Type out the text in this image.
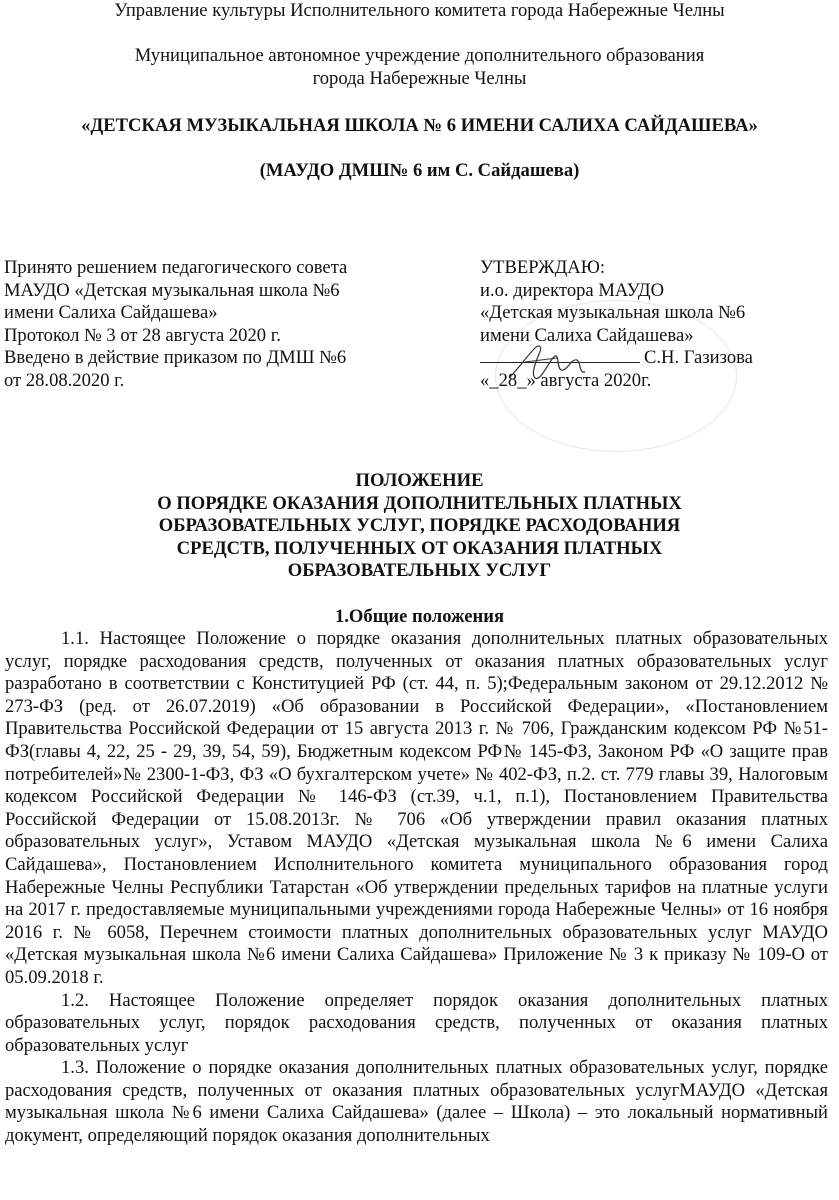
Управление культуры Исполнительного комитета города Набережные Челны
Муниципальное автономное учреждение дополнительного образования
города Набережные Челны
«ДЕТСКАЯ МУЗЫКАЛЬНАЯ ШКОЛА № 6 ИМЕНИ САЛИХА САЙДАШЕВА»
(МАУДО ДМШ№ 6 им С. Сайдашева)
Принято решением педагогического совета
МАУДО «Детская музыкальная школа №6
имени Салиха Сайдашева»
Протокол № 3 от 28 августа 2020 г.
Введено в действие приказом по ДМШ №6
от 28.08.2020 г.
УТВЕРЖДАЮ:
и.о. директора МАУДО
«Детская музыкальная школа №6
имени Салиха Сайдашева»
С.Н. Газизова
«_28_» августа 2020г.
ПОЛОЖЕНИЕ
О ПОРЯДКЕ ОКАЗАНИЯ ДОПОЛНИТЕЛЬНЫХ ПЛАТНЫХ
ОБРАЗОВАТЕЛЬНЫХ УСЛУГ, ПОРЯДКЕ РАСХОДОВАНИЯ
СРЕДСТВ, ПОЛУЧЕННЫХ ОТ ОКАЗАНИЯ ПЛАТНЫХ
ОБРАЗОВАТЕЛЬНЫХ УСЛУГ
1.Общие положения

1.1. Настоящее Положение о порядке оказания дополнительных платных образовательных услуг, порядке расходования средств, полученных от оказания платных образовательных услуг разработано в соответствии с Конституцией РФ (ст. 44, п. 5);Федеральным законом от 29.12.2012 № 273-ФЗ (ред. от 26.07.2019) «Об образовании в Российской Федерации», «Постановлением Правительства Российской Федерации от 15 августа 2013 г. № 706, Гражданским кодексом РФ №51-ФЗ(главы 4, 22, 25 - 29, 39, 54, 59), Бюджетным кодексом РФ№ 145-ФЗ, Законом РФ «О защите прав потребителей»№ 2300-1-ФЗ, ФЗ «О бухгалтерском учете» № 402-ФЗ, п.2. ст. 779 главы 39, Налоговым кодексом Российской Федерации № 146-ФЗ (ст.39, ч.1, п.1), Постановлением Правительства Российской Федерации от 15.08.2013г. № 706 «Об утверждении правил оказания платных образовательных услуг», Уставом МАУДО «Детская музыкальная школа №6 имени Салиха Сайдашева», Постановлением Исполнительного комитета муниципального образования город Набережные Челны Республики Татарстан «Об утверждении предельных тарифов на платные услуги на 2017 г. предоставляемые муниципальными учреждениями города Набережные Челны» от 16 ноября 2016 г. № 6058, Перечнем стоимости платных дополнительных образовательных услуг МАУДО «Детская музыкальная школа №6 имени Салиха Сайдашева» Приложение № 3 к приказу № 109-О от 05.09.2018 г.

1.2. Настоящее Положение определяет порядок оказания дополнительных платных образовательных услуг, порядок расходования средств, полученных от оказания платных образовательных услуг

1.3. Положение о порядке оказания дополнительных платных образовательных услуг, порядке расходования средств, полученных от оказания платных образовательных услугМАУДО «Детская музыкальная школа №6 имени Салиха Сайдашева» (далее – Школа) – это локальный нормативный документ, определяющий порядок оказания дополнительных
